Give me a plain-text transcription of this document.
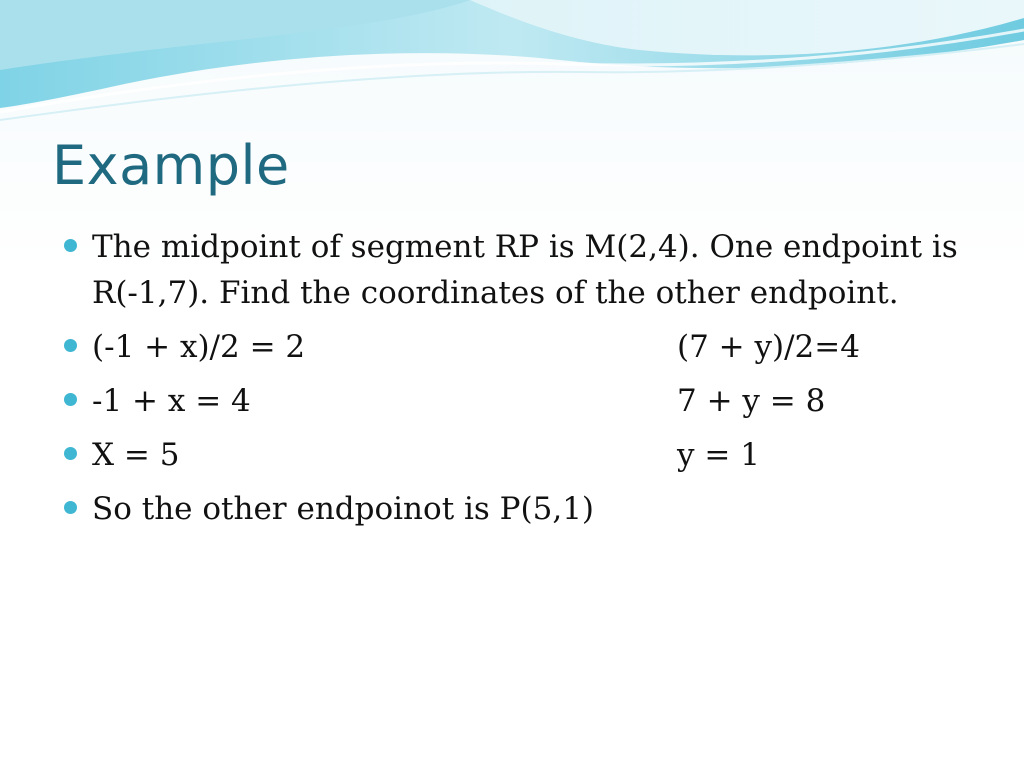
Example
The midpoint of segment RP is M(2,4). One endpoint is R(-1,7). Find the coordinates of the other endpoint.
(-1 + x)/2 = 2	(7 + y)/2=4
-1 + x = 4	7 + y = 8
X = 5	y = 1
So the other endpoinot is P(5,1)
